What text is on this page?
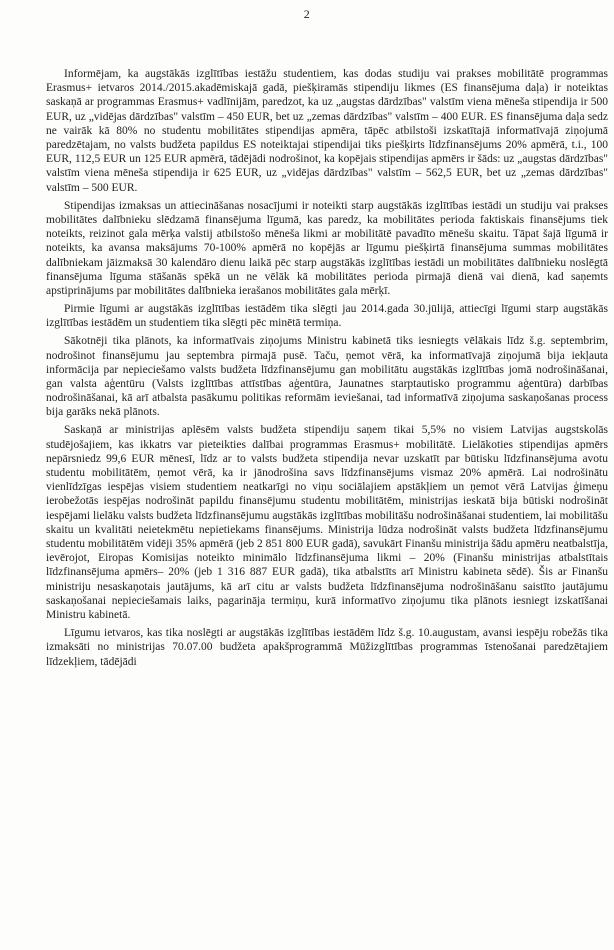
2

Informējam, ka augstākās izglītības iestāžu studentiem, kas dodas studiju vai prakses mobilitātē programmas Erasmus+ ietvaros 2014./2015.akadēmiskajā gadā, piešķiramās stipendiju likmes (ES finansējuma daļa) ir noteiktas saskaņā ar programmas Erasmus+ vadlīnijām, paredzot, ka uz „augstas dārdzības" valstīm viena mēneša stipendija ir 500 EUR, uz „vidējas dārdzības" valstīm – 450 EUR, bet uz „zemas dārdzības" valstīm – 400 EUR. ES finansējuma daļa sedz ne vairāk kā 80% no studentu mobilitātes stipendijas apmēra, tāpēc atbilstoši izskatītajā informatīvajā ziņojumā paredzētajam, no valsts budžeta papildus ES noteiktajai stipendijai tiks piešķirts līdzfinansējums 20% apmērā, t.i., 100 EUR, 112,5 EUR un 125 EUR apmērā, tādējādi nodrošinot, ka kopējais stipendijas apmērs ir šāds: uz „augstas dārdzības" valstīm viena mēneša stipendija ir 625 EUR, uz „vidējas dārdzības" valstīm – 562,5 EUR, bet uz „zemas dārdzības" valstīm – 500 EUR.

Stipendijas izmaksas un attiecināšanas nosacījumi ir noteikti starp augstākās izglītības iestādi un studiju vai prakses mobilitātes dalībnieku slēdzamā finansējuma līgumā, kas paredz, ka mobilitātes perioda faktiskais finansējums tiek noteikts, reizinot gala mērķa valstij atbilstošo mēneša likmi ar mobilitātē pavadīto mēnešu skaitu. Tāpat šajā līgumā ir noteikts, ka avansa maksājums 70-100% apmērā no kopējās ar līgumu piešķirtā finansējuma summas mobilitātes dalībniekam jāizmaksā 30 kalendāro dienu laikā pēc starp augstākās izglītības iestādi un mobilitātes dalībnieku noslēgtā finansējuma līguma stāšanās spēkā un ne vēlāk kā mobilitātes perioda pirmajā dienā vai dienā, kad saņemts apstiprinājums par mobilitātes dalībnieka ierašanos mobilitātes gala mērķī.

Pirmie līgumi ar augstākās izglītības iestādēm tika slēgti jau 2014.gada 30.jūlijā, attiecīgi līgumi starp augstākās izglītības iestādēm un studentiem tika slēgti pēc minētā termiņa.

Sākotnēji tika plānots, ka informatīvais ziņojums Ministru kabinetā tiks iesniegts vēlākais līdz š.g. septembrim, nodrošinot finansējumu jau septembra pirmajā pusē. Taču, ņemot vērā, ka informatīvajā ziņojumā bija iekļauta informācija par nepieciešamo valsts budžeta līdzfinansējumu gan mobilitātu augstākās izglītības jomā nodrošināšanai, gan valsta aģentūru (Valsts izglītības attīstības aģentūra, Jaunatnes starptautisko programmu aģentūra) darbības nodrošināšanai, kā arī atbalsta pasākumu politikas reformām ieviešanai, tad informatīvā ziņojuma saskaņošanas process bija garāks nekā plānots.

Saskaņā ar ministrijas aplēsēm valsts budžeta stipendiju saņem tikai 5,5% no visiem Latvijas augstskolās studējošajiem, kas ikkatrs var pieteikties dalībai programmas Erasmus+ mobilitātē. Lielākoties stipendijas apmērs nepārsniedz 99,6 EUR mēnesī, līdz ar to valsts budžeta stipendija nevar uzskatīt par būtisku līdzfinansējuma avotu studentu mobilitātēm, ņemot vērā, ka ir jānodrošina savs līdzfinansējums vismaz 20% apmērā. Lai nodrošinātu vienlīdzīgas iespējas visiem studentiem neatkarīgi no viņu sociālajiem apstākļiem un ņemot vērā Latvijas ģimeņu ierobežotās iespējas nodrošināt papildu finansējumu studentu mobilitātēm, ministrijas ieskatā bija būtiski nodrošināt iespējami lielāku valsts budžeta līdzfinansējumu augstākās izglītības mobilitāšu nodrošināšanai studentiem, lai mobilitāšu skaitu un kvalitāti neietekmētu nepietiekams finansējums. Ministrija lūdza nodrošināt valsts budžeta līdzfinansējumu studentu mobilitātēm vidēji 35% apmērā (jeb 2 851 800 EUR gadā), savukārt Finanšu ministrija šādu apmēru neatbalstīja, ievērojot, Eiropas Komisijas noteikto minimālo līdzfinansējuma likmi – 20% (Finanšu ministrijas atbalstītais līdzfinansējuma apmērs– 20% (jeb 1 316 887 EUR gadā), tika atbalstīts arī Ministru kabineta sēdē). Šis ar Finanšu ministriju nesaskaņotais jautājums, kā arī citu ar valsts budžeta līdzfinansējuma nodrošināšanu saistīto jautājumu saskaņošanai nepieciešamais laiks, pagarināja termiņu, kurā informatīvo ziņojumu tika plānots iesniegt izskatīšanai Ministru kabinetā.

Līgumu ietvaros, kas tika noslēgti ar augstākās izglītības iestādēm līdz š.g. 10.augustam, avansi iespēju robežās tika izmaksāti no ministrijas 70.07.00 budžeta apakšprogrammā Mūžizglītības programmas īstenošanai paredzētajiem līdzekļiem, tādējādi
